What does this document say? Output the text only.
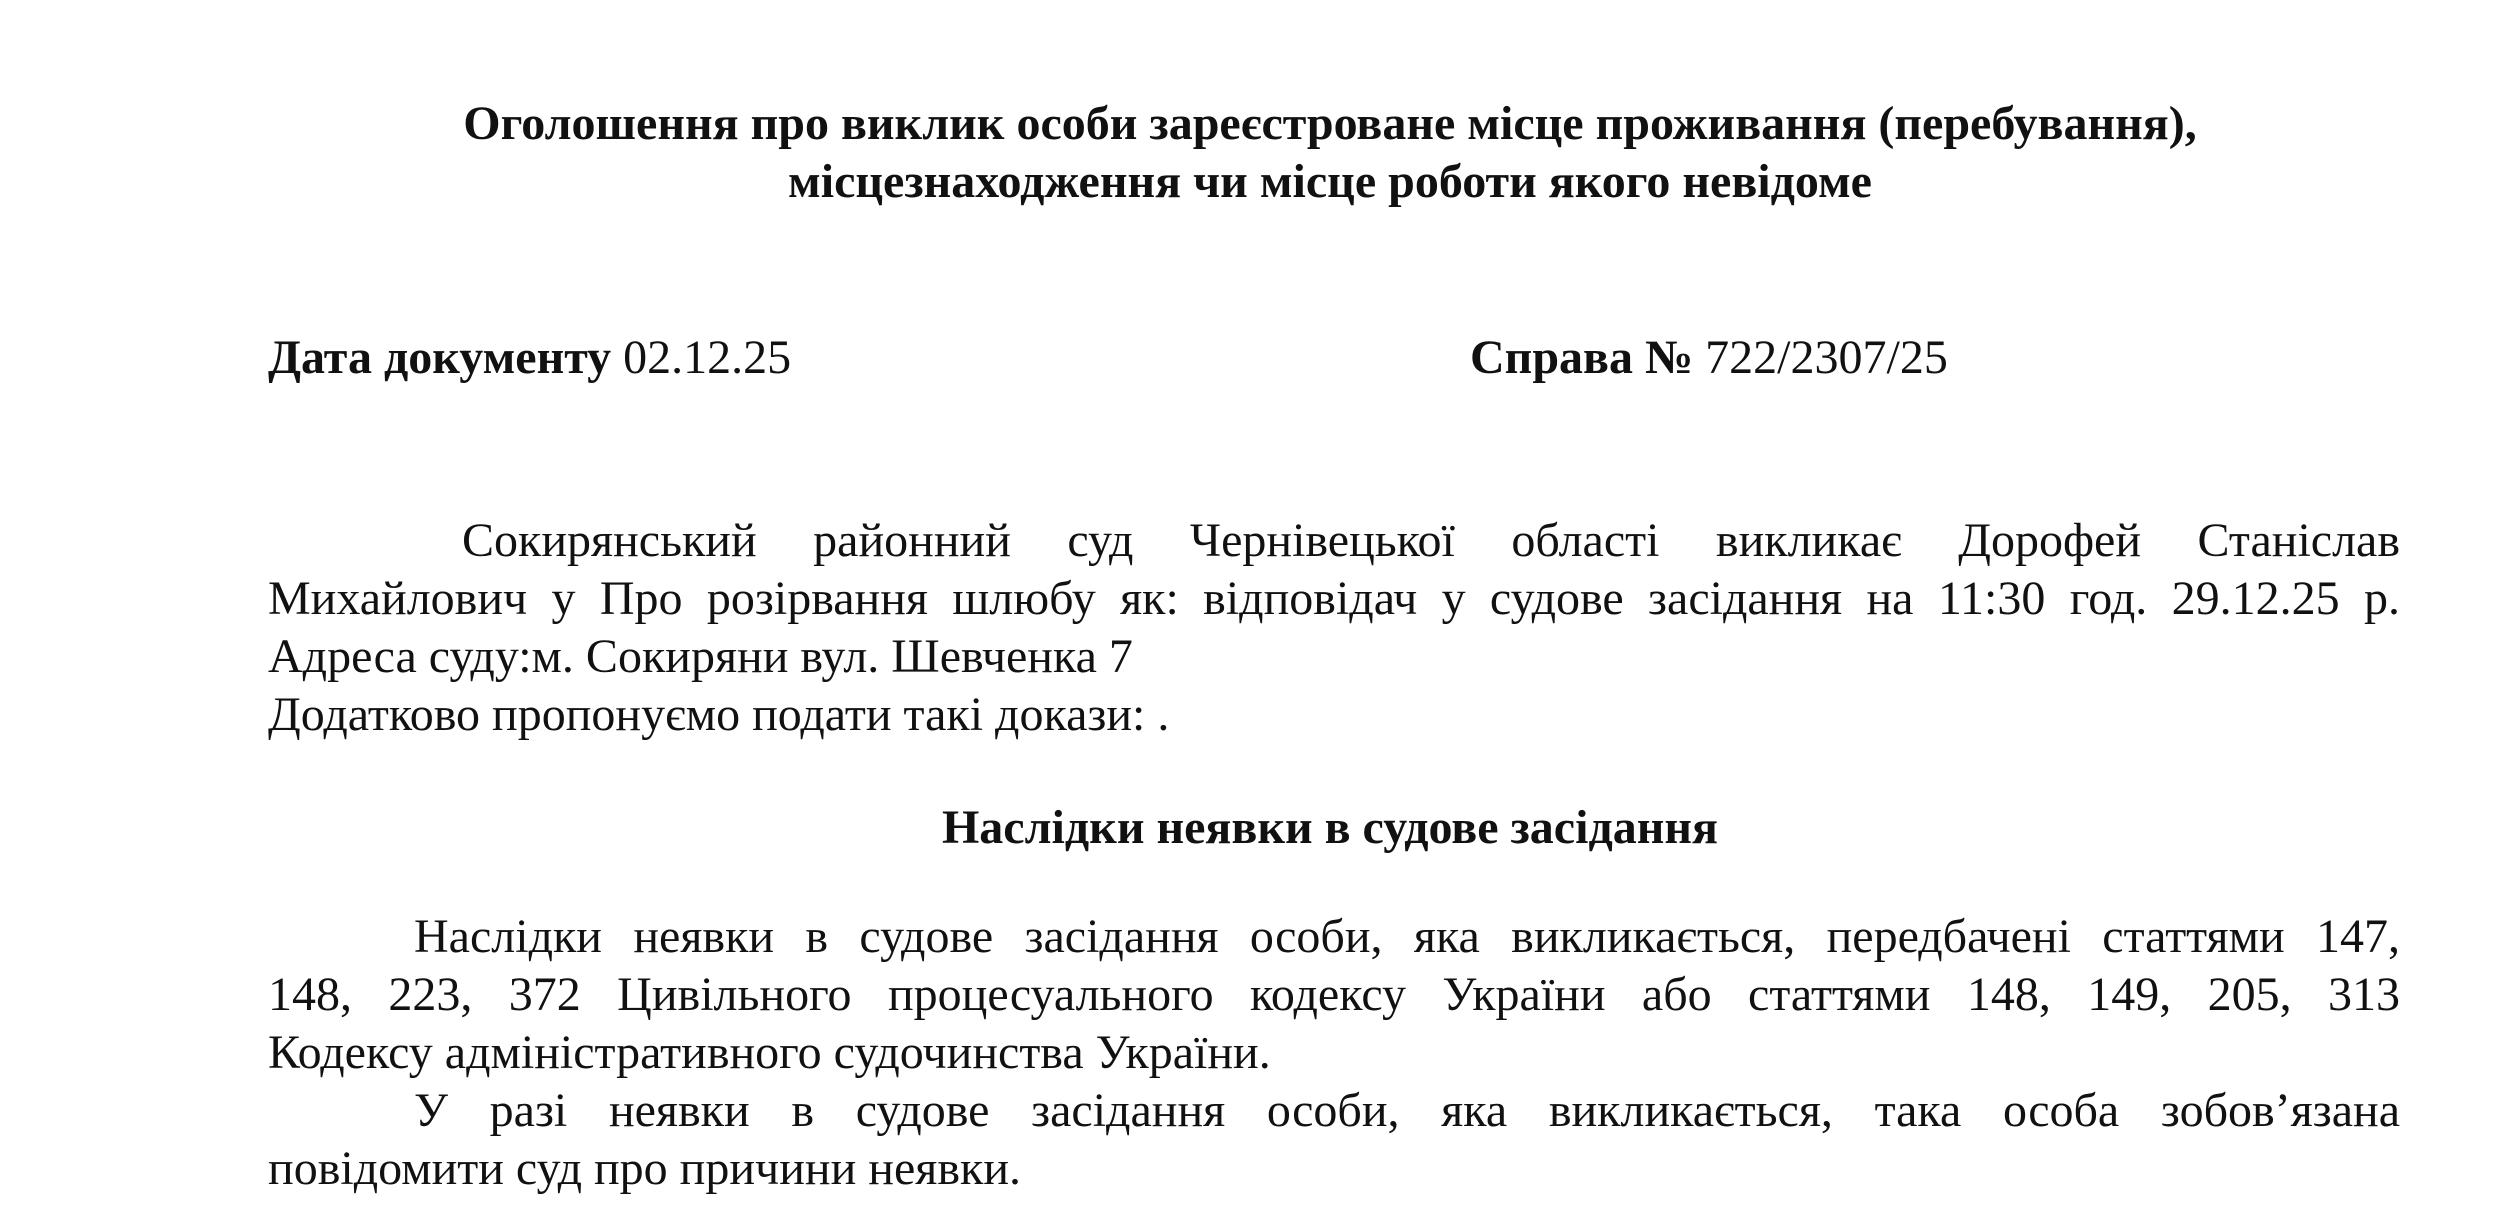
Оголошення про виклик особи зареєстроване місце проживання (перебування),
місцезнаходження чи місце роботи якого невідоме
Дата документу 02.12.25	Справа № 722/2307/25
Сокирянський районний суд Чернівецької області викликає Дорофей Станіслав
Михайлович у Про розірвання шлюбу як: відповідач у судове засідання на 11:30 год. 29.12.25 р.
Адреса суду:м. Сокиряни вул. Шевченка 7
Додатково пропонуємо подати такі докази: .
Наслідки неявки в судове засідання
Наслідки неявки в судове засідання особи, яка викликається, передбачені статтями 147,
148, 223, 372 Цивільного процесуального кодексу України або статтями 148, 149, 205, 313
Кодексу адміністративного судочинства України.
У разі неявки в судове засідання особи, яка викликається, така особа зобов’язана
повідомити суд про причини неявки.
